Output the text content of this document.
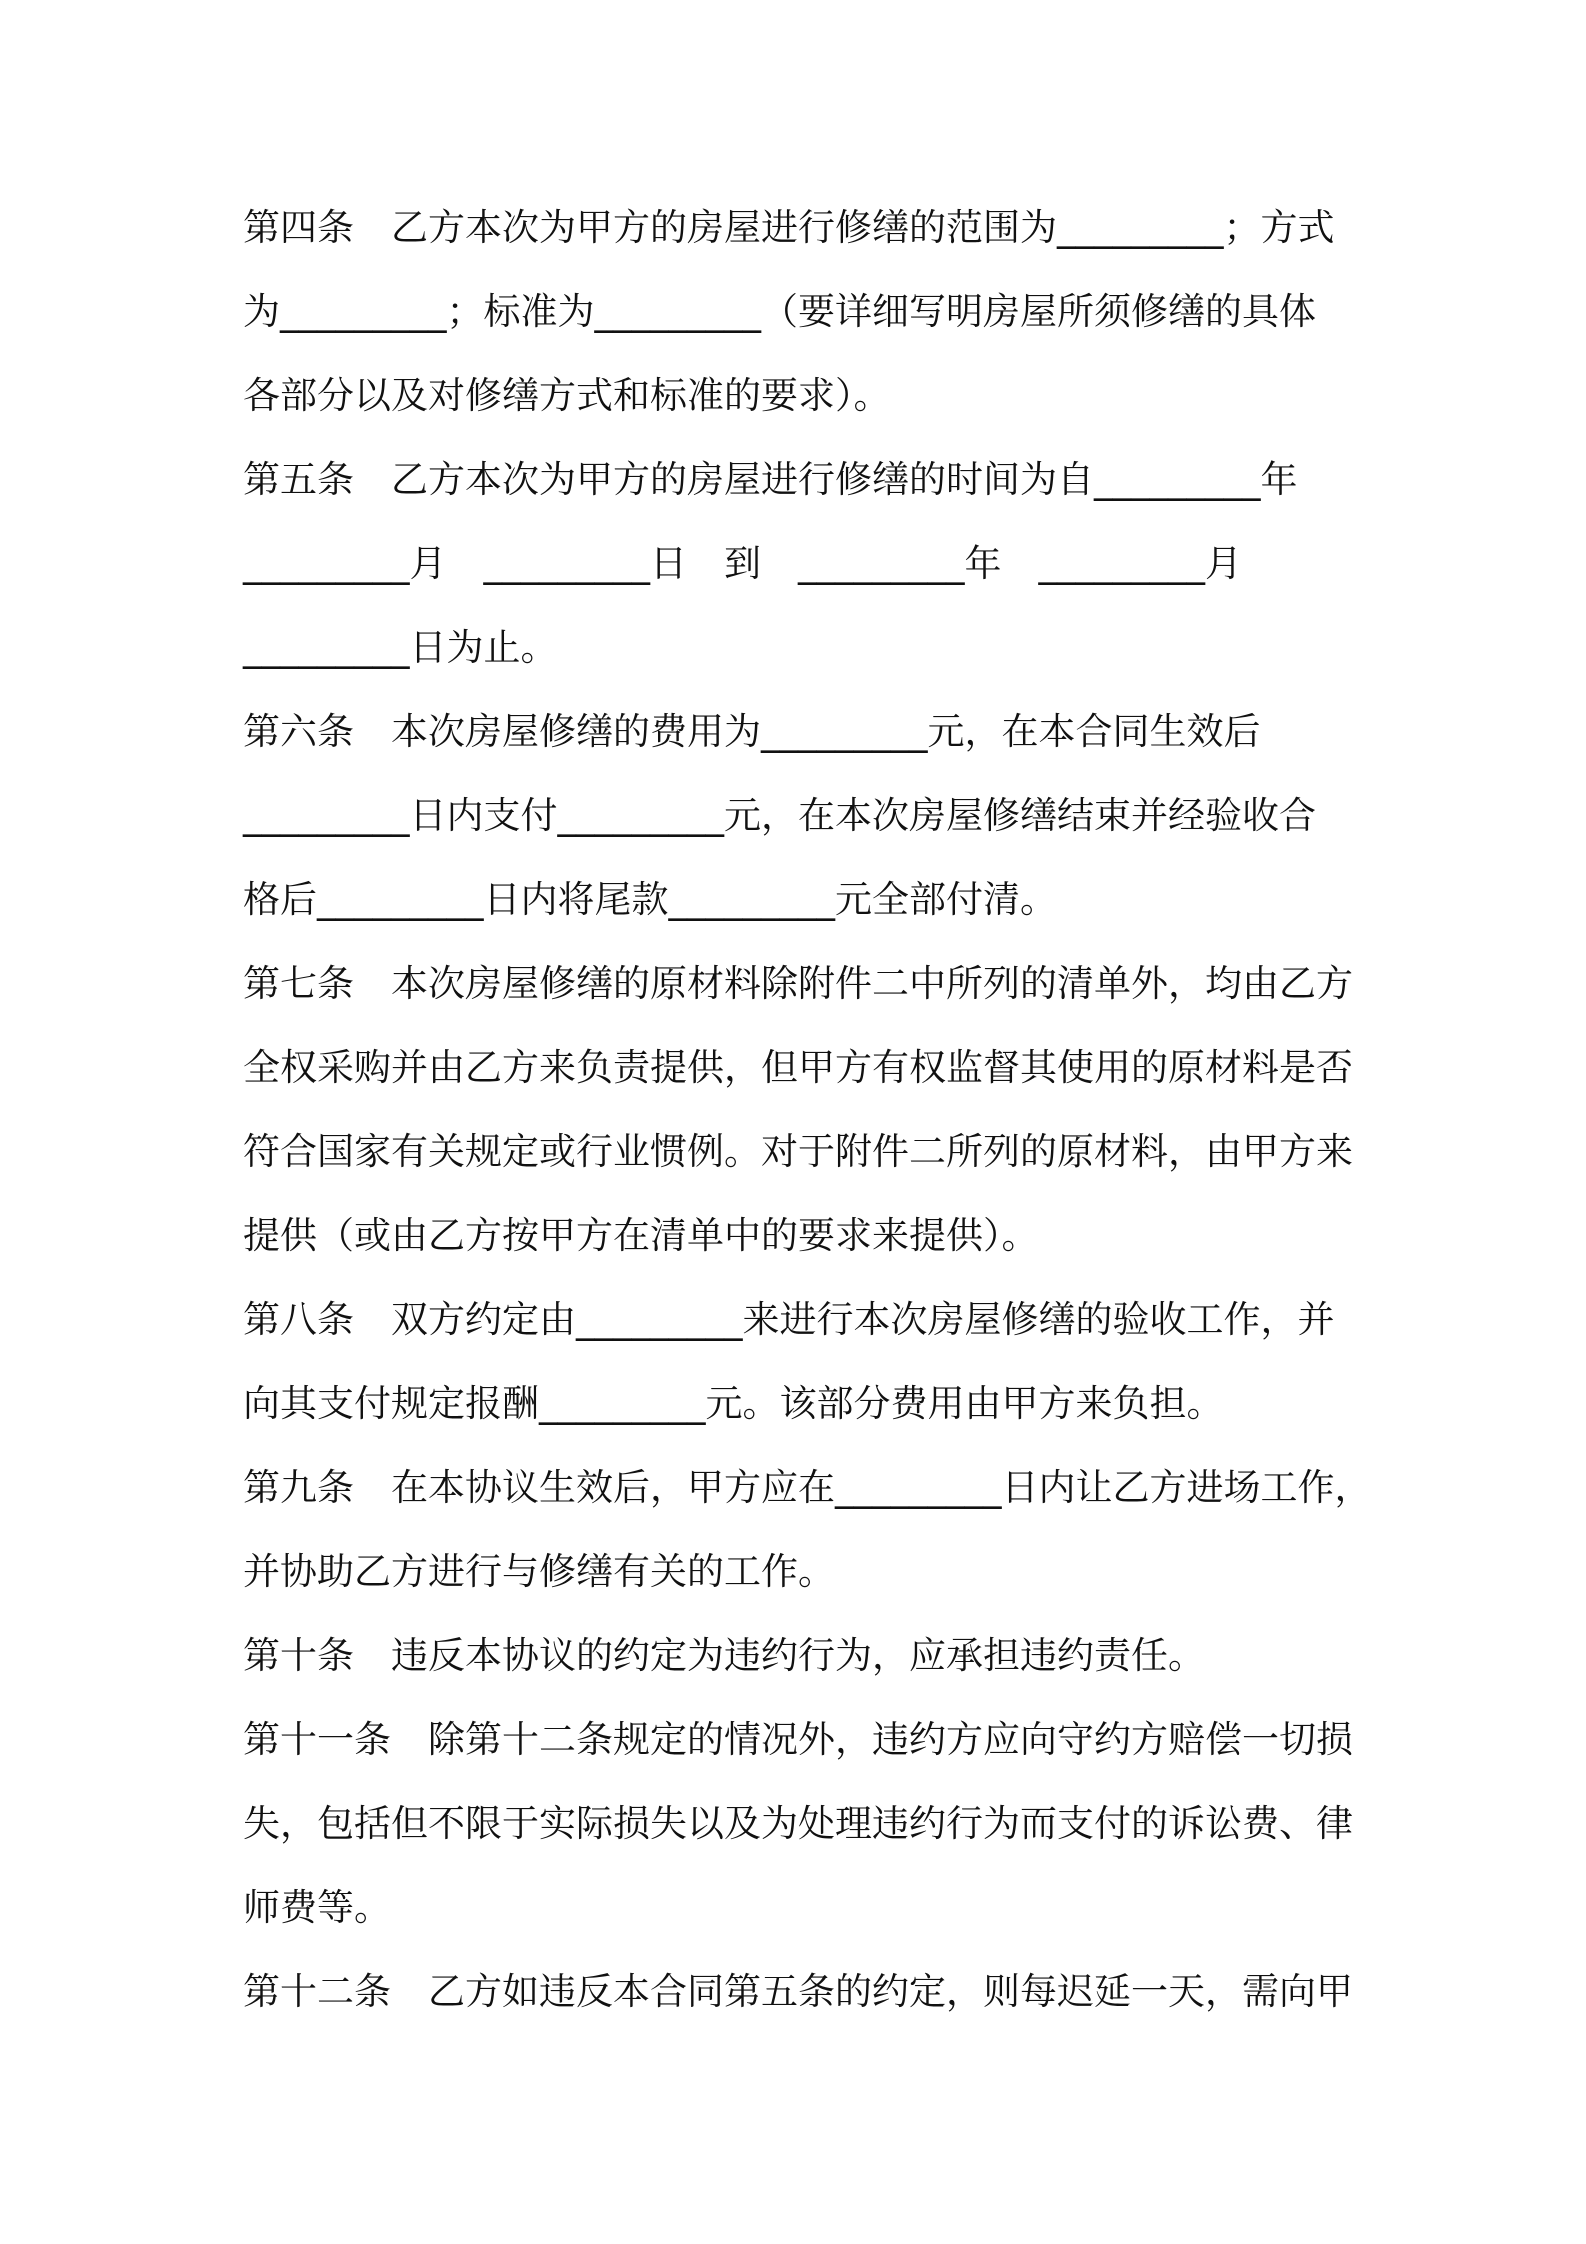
第四条　乙方本次为甲方的房屋进行修缮的范围为_________；方式
为_________；标准为_________（要详细写明房屋所须修缮的具体
各部分以及对修缮方式和标准的要求）。
第五条　乙方本次为甲方的房屋进行修缮的时间为自_________年
_________月　_________日　到　_________年　_________月
_________日为止。
第六条　本次房屋修缮的费用为_________元，在本合同生效后
_________日内支付_________元，在本次房屋修缮结束并经验收合
格后_________日内将尾款_________元全部付清。
第七条　本次房屋修缮的原材料除附件二中所列的清单外，均由乙方
全权采购并由乙方来负责提供，但甲方有权监督其使用的原材料是否
符合国家有关规定或行业惯例。对于附件二所列的原材料，由甲方来
提供（或由乙方按甲方在清单中的要求来提供）。
第八条　双方约定由_________来进行本次房屋修缮的验收工作，并
向其支付规定报酬_________元。该部分费用由甲方来负担。
第九条　在本协议生效后，甲方应在_________日内让乙方进场工作，
并协助乙方进行与修缮有关的工作。
第十条　违反本协议的约定为违约行为，应承担违约责任。
第十一条　除第十二条规定的情况外，违约方应向守约方赔偿一切损
失，包括但不限于实际损失以及为处理违约行为而支付的诉讼费、律
师费等。
第十二条　乙方如违反本合同第五条的约定，则每迟延一天，需向甲
